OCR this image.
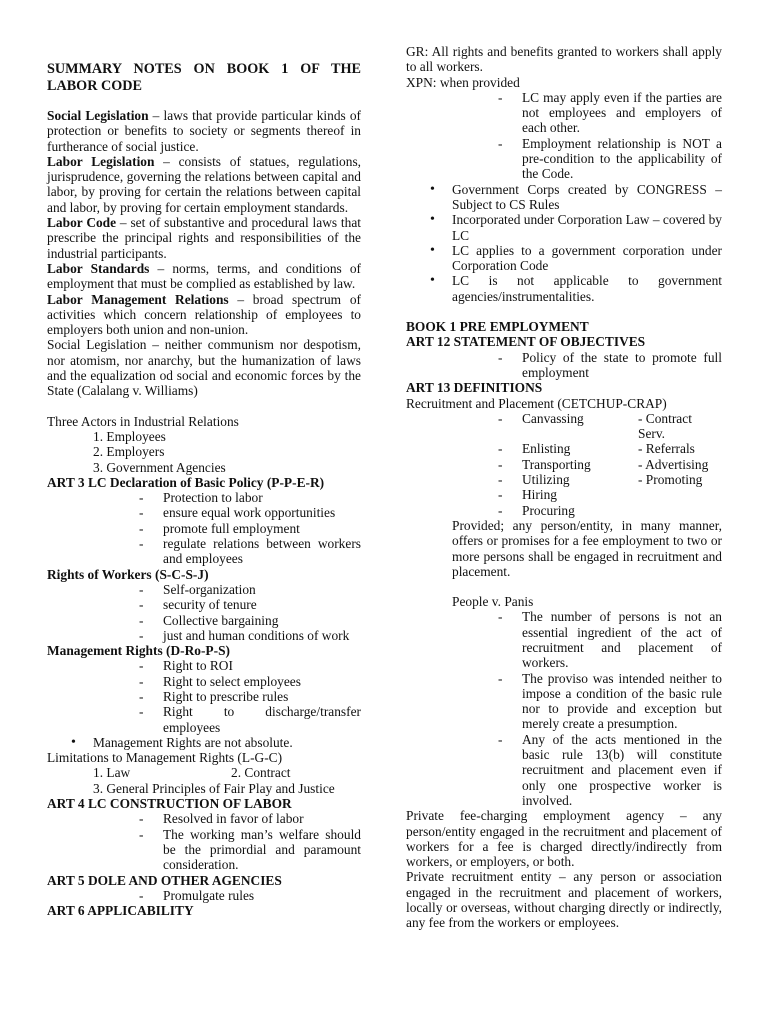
SUMMARY NOTES ON BOOK 1 OF THE LABOR CODE
Social Legislation – laws that provide particular kinds of protection or benefits to society or segments thereof in furtherance of social justice.
Labor Legislation – consists of statues, regulations, jurisprudence, governing the relations between capital and labor, by proving for certain the relations between capital and labor, by proving for certain employment standards.
Labor Code – set of substantive and procedural laws that prescribe the principal rights and responsibilities of the industrial participants.
Labor Standards – norms, terms, and conditions of employment that must be complied as established by law.
Labor Management Relations – broad spectrum of activities which concern relationship of employees to employers both union and non-union.
Social Legislation – neither communism nor despotism, nor atomism, nor anarchy, but the humanization of laws and the equalization od social and economic forces by the State (Calalang v. Williams)
Three Actors in Industrial Relations
1. Employees
2. Employers
3. Government Agencies
ART 3 LC Declaration of Basic Policy (P-P-E-R)
- Protection to labor
- ensure equal work opportunities
- promote full employment
- regulate relations between workers and employees
Rights of Workers (S-C-S-J)
- Self-organization
- security of tenure
- Collective bargaining
- just and human conditions of work
Management Rights (D-Ro-P-S)
- Right to ROI
- Right to select employees
- Right to prescribe rules
- Right to discharge/transfer employees
• Management Rights are not absolute.
Limitations to Management Rights (L-G-C)
1. Law	2. Contract
3. General Principles of Fair Play and Justice
ART 4 LC CONSTRUCTION OF LABOR
- Resolved in favor of labor
- The working man’s welfare should be the primordial and paramount consideration.
ART 5 DOLE AND OTHER AGENCIES
- Promulgate rules
ART 6 APPLICABILITY
GR: All rights and benefits granted to workers shall apply to all workers.
XPN: when provided
- LC may apply even if the parties are not employees and employers of each other.
- Employment relationship is NOT a pre-condition to the applicability of the Code.
• Government Corps created by CONGRESS – Subject to CS Rules
• Incorporated under Corporation Law – covered by LC
• LC applies to a government corporation under Corporation Code
• LC is not applicable to government agencies/instrumentalities.
BOOK 1 PRE EMPLOYMENT
ART 12 STATEMENT OF OBJECTIVES
- Policy of the state to promote full employment
ART 13 DEFINITIONS
Recruitment and Placement (CETCHUP-CRAP)
- Canvassing	- Contract Serv.
- Enlisting	- Referrals
- Transporting	- Advertising
- Utilizing	- Promoting
- Hiring
- Procuring
Provided; any person/entity, in many manner, offers or promises for a fee employment to two or more persons shall be engaged in recruitment and placement.
People v. Panis
- The number of persons is not an essential ingredient of the act of recruitment and placement of workers.
- The proviso was intended neither to impose a condition of the basic rule nor to provide and exception but merely create a presumption.
- Any of the acts mentioned in the basic rule 13(b) will constitute recruitment and placement even if only one prospective worker is involved.
Private fee-charging employment agency – any person/entity engaged in the recruitment and placement of workers for a fee is charged directly/indirectly from workers, or employers, or both.
Private recruitment entity – any person or association engaged in the recruitment and placement of workers, locally or overseas, without charging directly or indirectly, any fee from the workers or employees.
